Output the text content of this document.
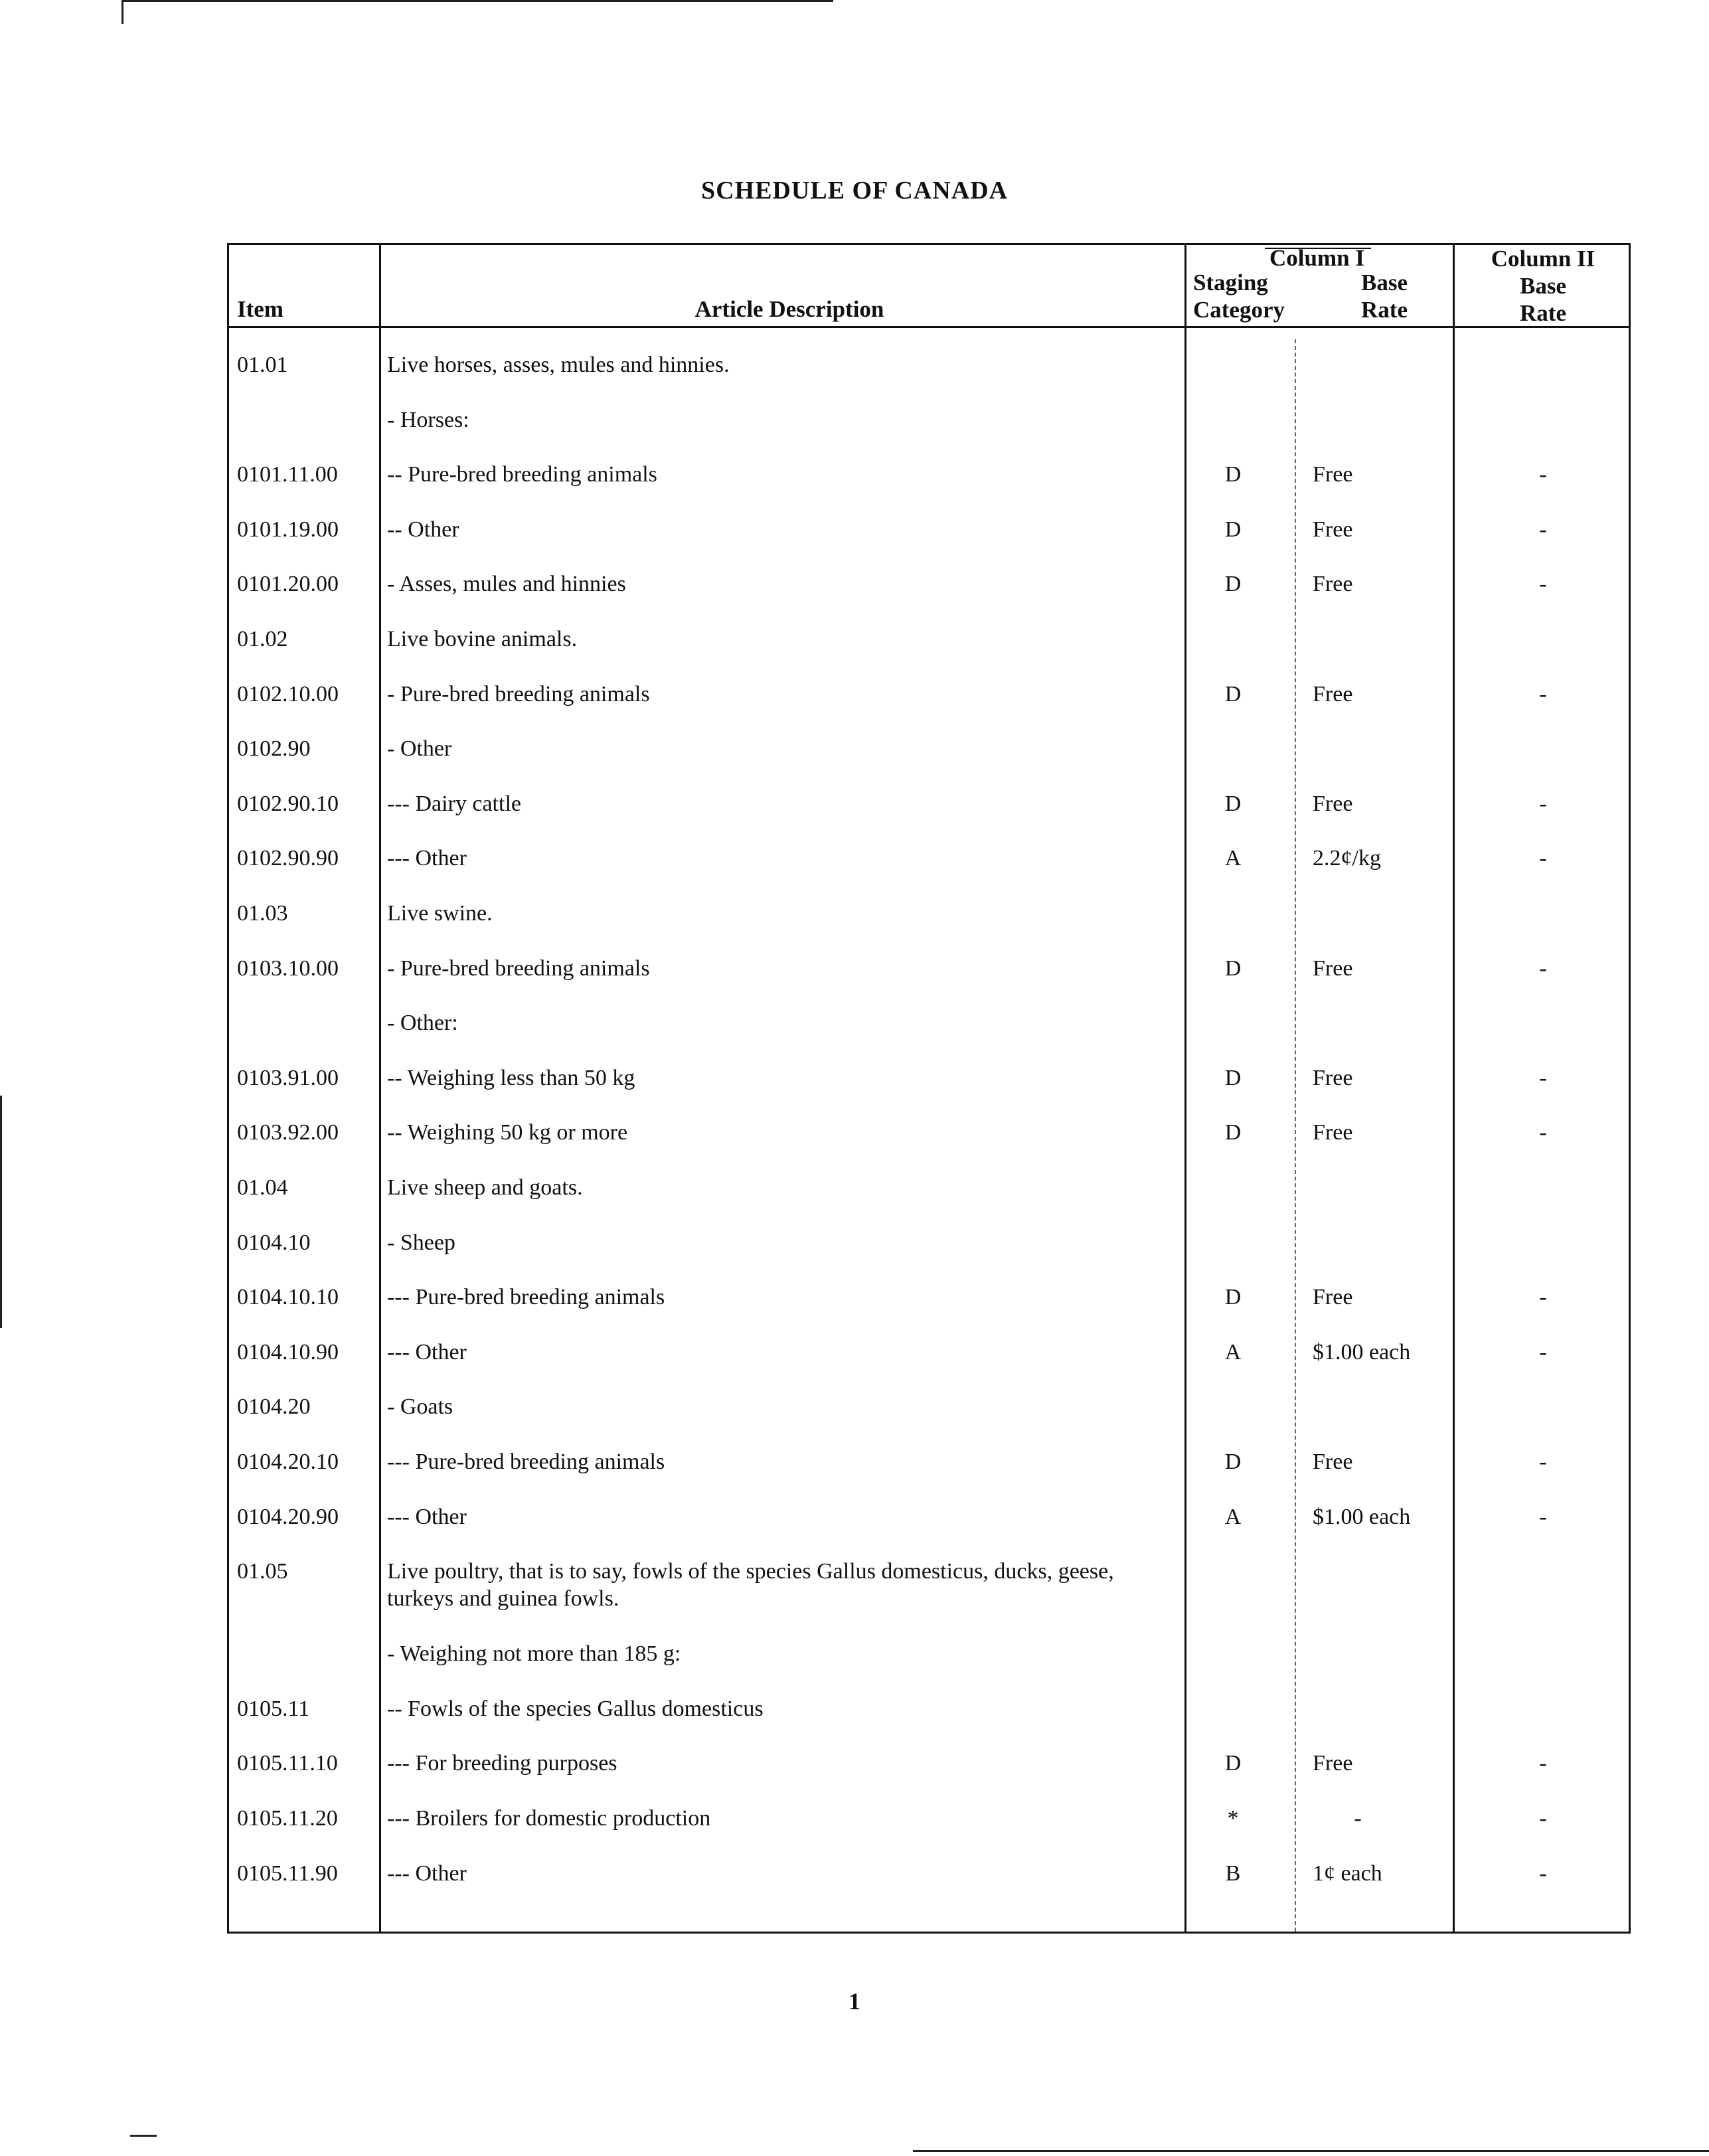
SCHEDULE OF CANADA
Item	Article Description
Column I
Staging
Category
Base
Rate
Column II
Base
Rate
01.01	Live horses, asses, mules and hinnies.
- Horses:
0101.11.00 -- Pure-bred breeding animals	D	Free	-
0101.19.00 -- Other	D	Free	-
0101.20.00 - Asses, mules and hinnies	D	Free	-
01.02	Live bovine animals.
0102.10.00 - Pure-bred breeding animals	D	Free	-
0102.90	- Other
0102.90.10 --- Dairy cattle	D	Free	-
0102.90.90 --- Other	A	2.2¢/kg	-
01.03	Live swine.
0103.10.00 - Pure-bred breeding animals	D	Free	-
- Other:
0103.91.00 -- Weighing less than 50 kg	D	Free	-
0103.92.00 -- Weighing 50 kg or more	D	Free	-
01.04	Live sheep and goats.
0104.10	- Sheep
0104.10.10 --- Pure-bred breeding animals	D	Free	-
0104.10.90 --- Other	A	$1.00 each	-
0104.20	- Goats
0104.20.10 --- Pure-bred breeding animals	D	Free	-
0104.20.90 --- Other	A	$1.00 each	-
01.05	Live poultry, that is to say, fowls of the species Gallus domesticus, ducks, geese, turkeys and guinea fowls.
- Weighing not more than 185 g:
0105.11	-- Fowls of the species Gallus domesticus
0105.11.10 --- For breeding purposes	D	Free	-
0105.11.20 --- Broilers for domestic production	*	-	-
0105.11.90 --- Other	B	1¢ each	-
1
